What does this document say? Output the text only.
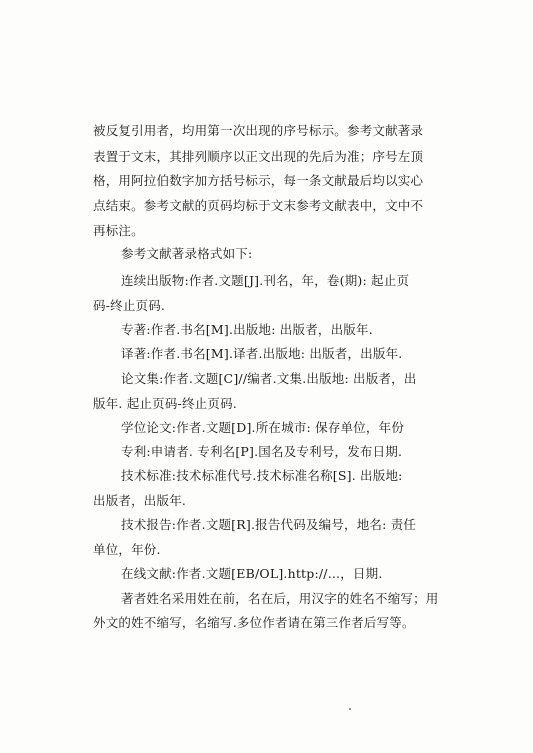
被反复引用者，均用第一次出现的序号标示。参考文献著录
表置于文末，其排列顺序以正文出现的先后为准；序号左顶
格，用阿拉伯数字加方括号标示，每一条文献最后均以实心
点结束。参考文献的页码均标于文末参考文献表中，文中不
再标注。
参考文献著录格式如下:
连续出版物:作者.文题[J].刊名，年，卷(期): 起止页
码-终止页码.
专著:作者.书名[M].出版地: 出版者，出版年.
译著:作者.书名[M].译者.出版地: 出版者，出版年.
论文集:作者.文题[C]//编者.文集.出版地: 出版者，出
版年. 起止页码-终止页码.
学位论文:作者.文题[D].所在城市: 保存单位，年份
专利:申请者. 专利名[P].国名及专利号，发布日期.
技术标准:技术标准代号.技术标准名称[S]. 出版地:
出版者，出版年.
技术报告:作者.文题[R].报告代码及编号，地名: 责任
单位，年份.
在线文献:作者.文题[EB/OL].http://...，日期.
著者姓名采用姓在前，名在后，用汉字的姓名不缩写；用
外文的姓不缩写，名缩写.多位作者请在第三作者后写等。
